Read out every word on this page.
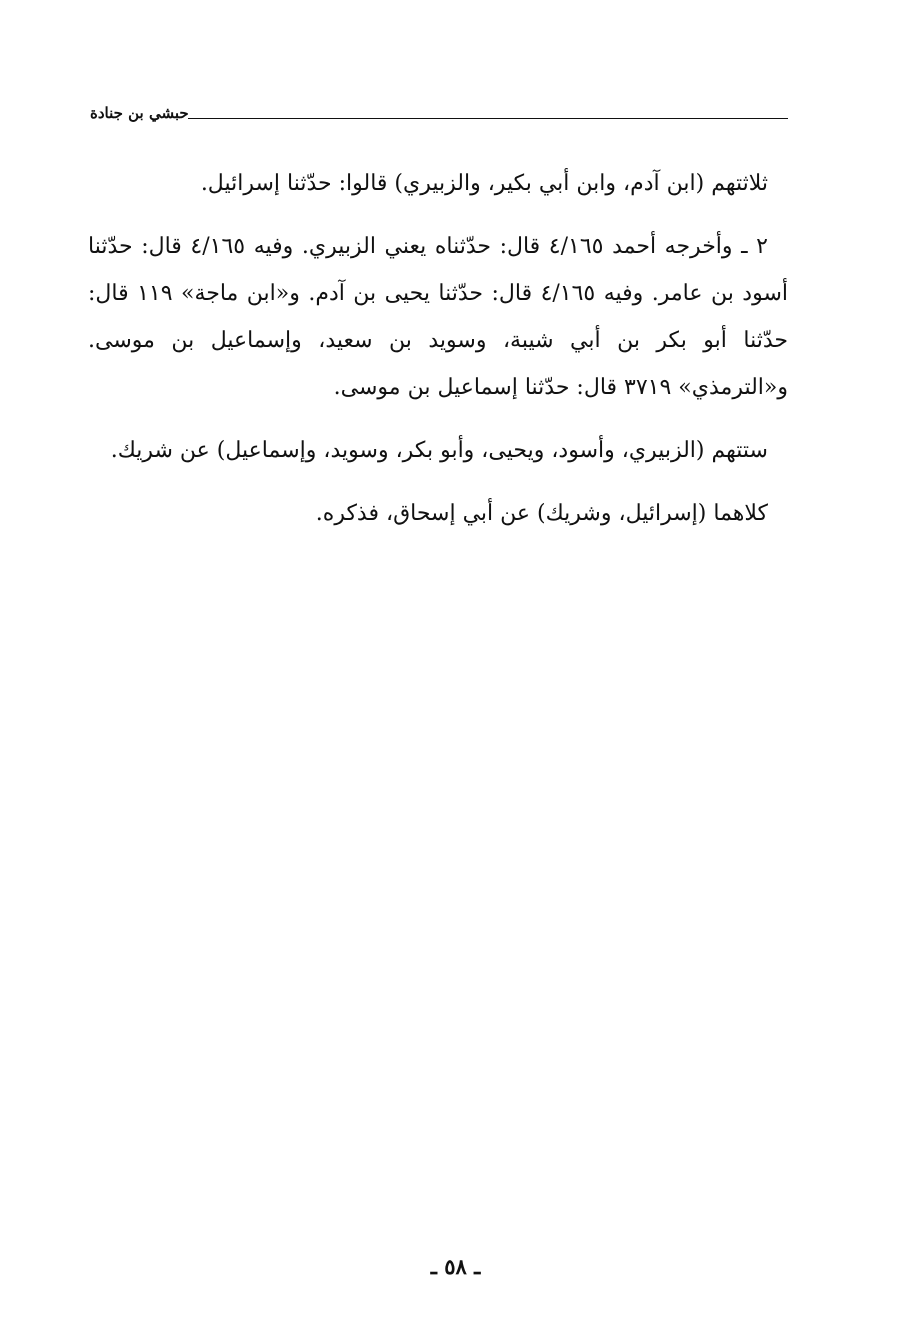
حبشي بن جنادة

ثلاثتهم (ابن آدم، وابن أبي بكير، والزبيري) قالوا: حدّثنا إسرائيل.

٢ ـ وأخرجه أحمد ٤/١٦٥ قال: حدّثناه يعني الزبيري. وفيه ٤/١٦٥ قال: حدّثنا أسود بن عامر. وفيه ٤/١٦٥ قال: حدّثنا يحيى بن آدم. و«ابن ماجة» ١١٩ قال: حدّثنا أبو بكر بن أبي شيبة، وسويد بن سعيد، وإسماعيل بن موسى. و«الترمذي» ٣٧١٩ قال: حدّثنا إسماعيل بن موسى.

ستتهم (الزبيري، وأسود، ويحيى، وأبو بكر، وسويد، وإسماعيل) عن شريك.

كلاهما (إسرائيل، وشريك) عن أبي إسحاق، فذكره.

ـ ٥٨ ـ
